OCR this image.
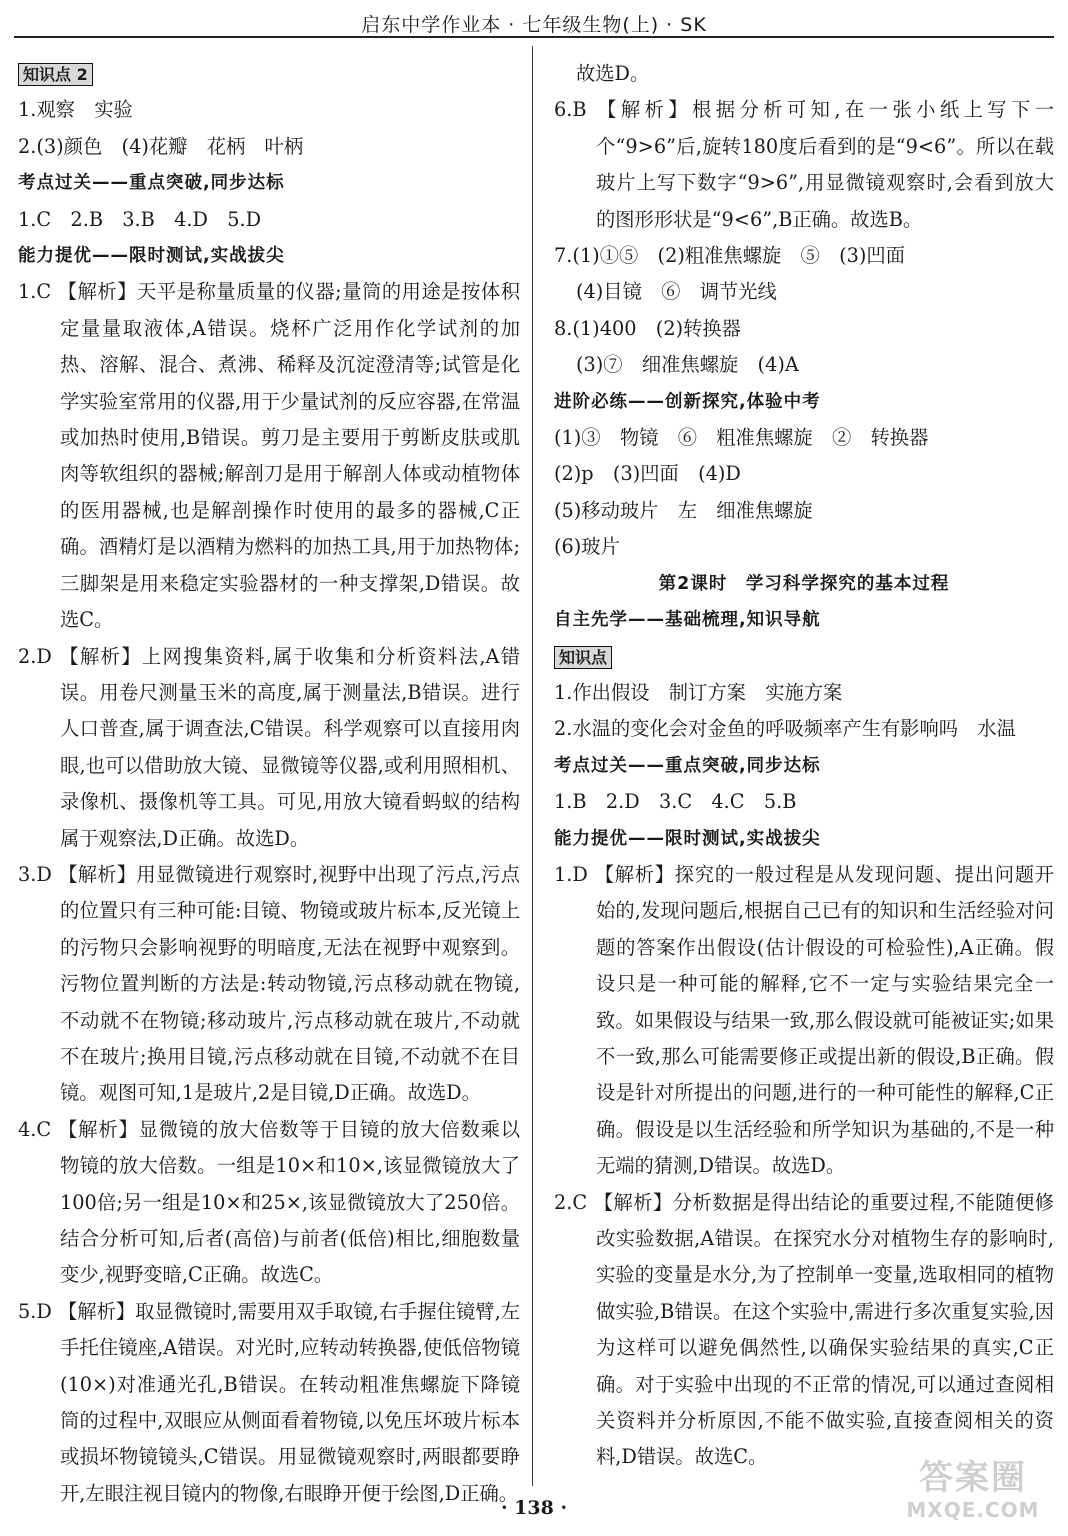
启东中学作业本 · 七年级生物(上) · SK
知识点 2
1.观察　实验
2.(3)颜色　(4)花瓣　花柄　叶柄
考点过关——重点突破,同步达标
1.C　2.B　3.B　4.D　5.D
能力提优——限时测试,实战拔尖
1.C 【解析】天平是称量质量的仪器;量筒的用途是按体积定量量取液体,A错误。烧杯广泛用作化学试剂的加热、溶解、混合、煮沸、稀释及沉淀澄清等;试管是化学实验室常用的仪器,用于少量试剂的反应容器,在常温或加热时使用,B错误。剪刀是主要用于剪断皮肤或肌肉等软组织的器械;解剖刀是用于解剖人体或动植物体的医用器械,也是解剖操作时使用的最多的器械,C正确。酒精灯是以酒精为燃料的加热工具,用于加热物体;三脚架是用来稳定实验器材的一种支撑架,D错误。故选C。
2.D 【解析】上网搜集资料,属于收集和分析资料法,A错误。用卷尺测量玉米的高度,属于测量法,B错误。进行人口普查,属于调查法,C错误。科学观察可以直接用肉眼,也可以借助放大镜、显微镜等仪器,或利用照相机、录像机、摄像机等工具。可见,用放大镜看蚂蚁的结构属于观察法,D正确。故选D。
3.D 【解析】用显微镜进行观察时,视野中出现了污点,污点的位置只有三种可能:目镜、物镜或玻片标本,反光镜上的污物只会影响视野的明暗度,无法在视野中观察到。污物位置判断的方法是:转动物镜,污点移动就在物镜,不动就不在物镜;移动玻片,污点移动就在玻片,不动就不在玻片;换用目镜,污点移动就在目镜,不动就不在目镜。观图可知,1是玻片,2是目镜,D正确。故选D。
4.C 【解析】显微镜的放大倍数等于目镜的放大倍数乘以物镜的放大倍数。一组是10×和10×,该显微镜放大了100倍;另一组是10×和25×,该显微镜放大了250倍。结合分析可知,后者(高倍)与前者(低倍)相比,细胞数量变少,视野变暗,C正确。故选C。
5.D 【解析】取显微镜时,需要用双手取镜,右手握住镜臂,左手托住镜座,A错误。对光时,应转动转换器,使低倍物镜(10×)对准通光孔,B错误。在转动粗准焦螺旋下降镜筒的过程中,双眼应从侧面看着物镜,以免压坏玻片标本或损坏物镜镜头,C错误。用显微镜观察时,两眼都要睁开,左眼注视目镜内的物像,右眼睁开便于绘图,D正确。
故选D。
6.B 【解析】根据分析可知,在一张小纸上写下一个“9>6”后,旋转180度后看到的是“9<6”。所以在载玻片上写下数字“9>6”,用显微镜观察时,会看到放大的图形形状是“9<6”,B正确。故选B。
7.(1)①⑤　(2)粗准焦螺旋　⑤　(3)凹面
(4)目镜　⑥　调节光线
8.(1)400　(2)转换器
(3)⑦　细准焦螺旋　(4)A
进阶必练——创新探究,体验中考
(1)③　物镜　⑥　粗准焦螺旋　②　转换器
(2)p　(3)凹面　(4)D
(5)移动玻片　左　细准焦螺旋
(6)玻片
第2课时　学习科学探究的基本过程
自主先学——基础梳理,知识导航
知识点
1.作出假设　制订方案　实施方案
2.水温的变化会对金鱼的呼吸频率产生有影响吗　水温
考点过关——重点突破,同步达标
1.B　2.D　3.C　4.C　5.B
能力提优——限时测试,实战拔尖
1.D 【解析】探究的一般过程是从发现问题、提出问题开始的,发现问题后,根据自己已有的知识和生活经验对问题的答案作出假设(估计假设的可检验性),A正确。假设只是一种可能的解释,它不一定与实验结果完全一致。如果假设与结果一致,那么假设就可能被证实;如果不一致,那么可能需要修正或提出新的假设,B正确。假设是针对所提出的问题,进行的一种可能性的解释,C正确。假设是以生活经验和所学知识为基础的,不是一种无端的猜测,D错误。故选D。
2.C 【解析】分析数据是得出结论的重要过程,不能随便修改实验数据,A错误。在探究水分对植物生存的影响时,实验的变量是水分,为了控制单一变量,选取相同的植物做实验,B错误。在这个实验中,需进行多次重复实验,因为这样可以避免偶然性,以确保实验结果的真实,C正确。对于实验中出现的不正常的情况,可以通过查阅相关资料并分析原因,不能不做实验,直接查阅相关的资料,D错误。故选C。
· 138 ·
答案圈
MXQE.COM
